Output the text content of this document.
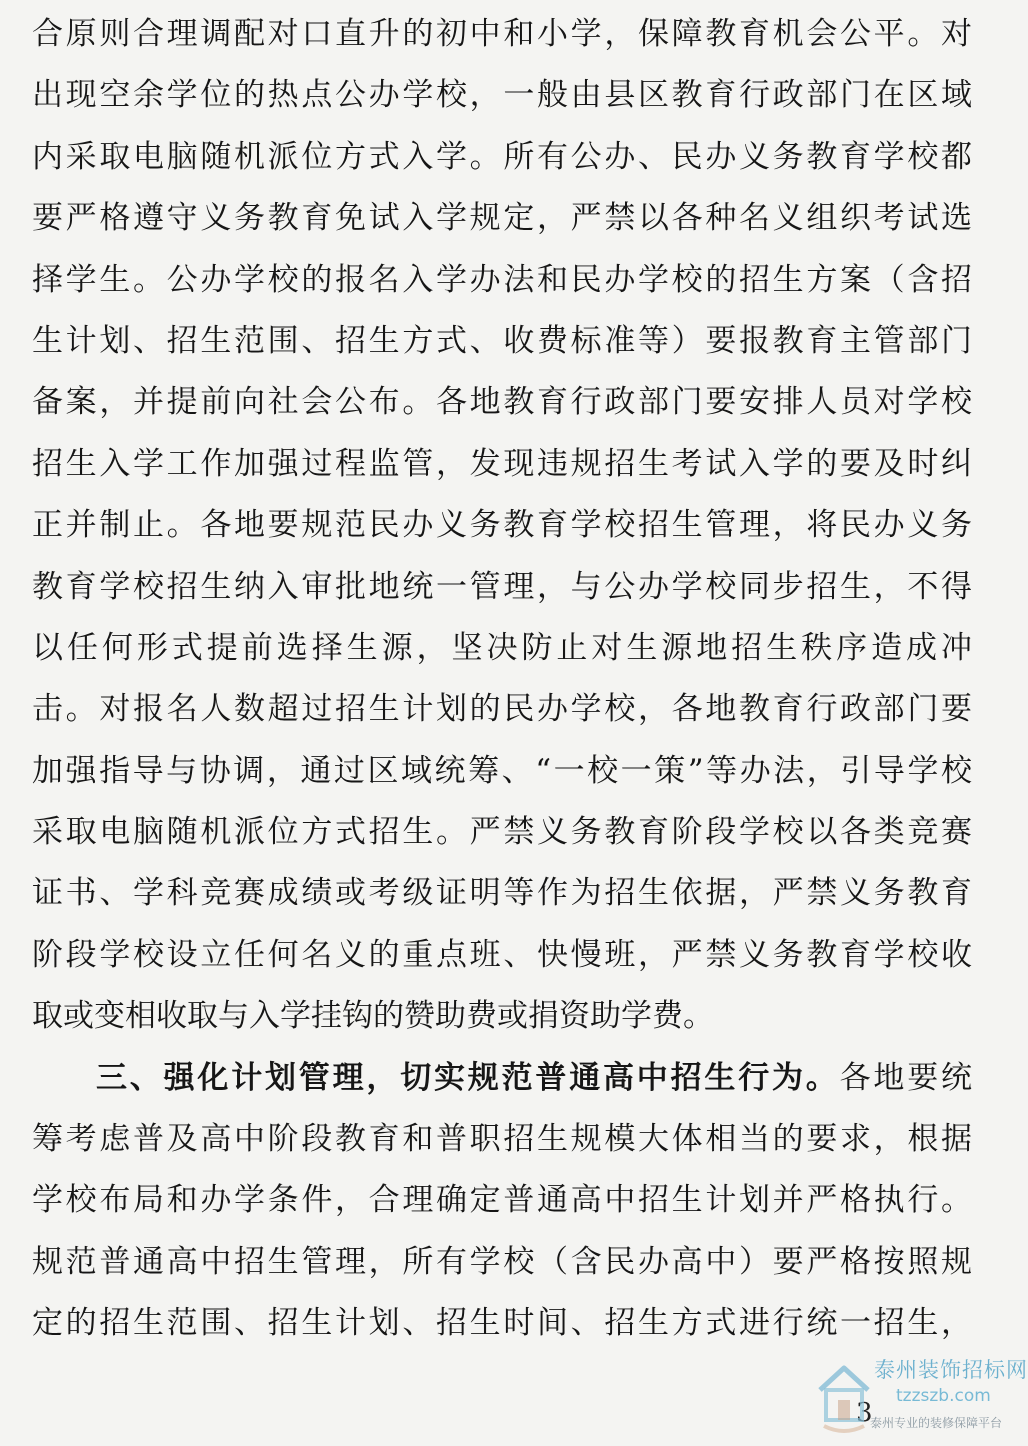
合原则合理调配对口直升的初中和小学，保障教育机会公平。对
出现空余学位的热点公办学校，一般由县区教育行政部门在区域
内采取电脑随机派位方式入学。所有公办、民办义务教育学校都
要严格遵守义务教育免试入学规定，严禁以各种名义组织考试选
择学生。公办学校的报名入学办法和民办学校的招生方案（含招
生计划、招生范围、招生方式、收费标准等）要报教育主管部门
备案，并提前向社会公布。各地教育行政部门要安排人员对学校
招生入学工作加强过程监管，发现违规招生考试入学的要及时纠
正并制止。各地要规范民办义务教育学校招生管理，将民办义务
教育学校招生纳入审批地统一管理，与公办学校同步招生，不得
以任何形式提前选择生源，坚决防止对生源地招生秩序造成冲
击。对报名人数超过招生计划的民办学校，各地教育行政部门要
加强指导与协调，通过区域统筹、“一校一策”等办法，引导学校
采取电脑随机派位方式招生。严禁义务教育阶段学校以各类竞赛
证书、学科竞赛成绩或考级证明等作为招生依据，严禁义务教育
阶段学校设立任何名义的重点班、快慢班，严禁义务教育学校收
取或变相收取与入学挂钩的赞助费或捐资助学费。
三、强化计划管理，切实规范普通高中招生行为。各地要统
筹考虑普及高中阶段教育和普职招生规模大体相当的要求，根据
学校布局和办学条件，合理确定普通高中招生计划并严格执行。
规范普通高中招生管理，所有学校（含民办高中）要严格按照规
定的招生范围、招生计划、招生时间、招生方式进行统一招生，
3
泰州装饰招标网
tzzszb.com
泰州专业的装修保障平台
